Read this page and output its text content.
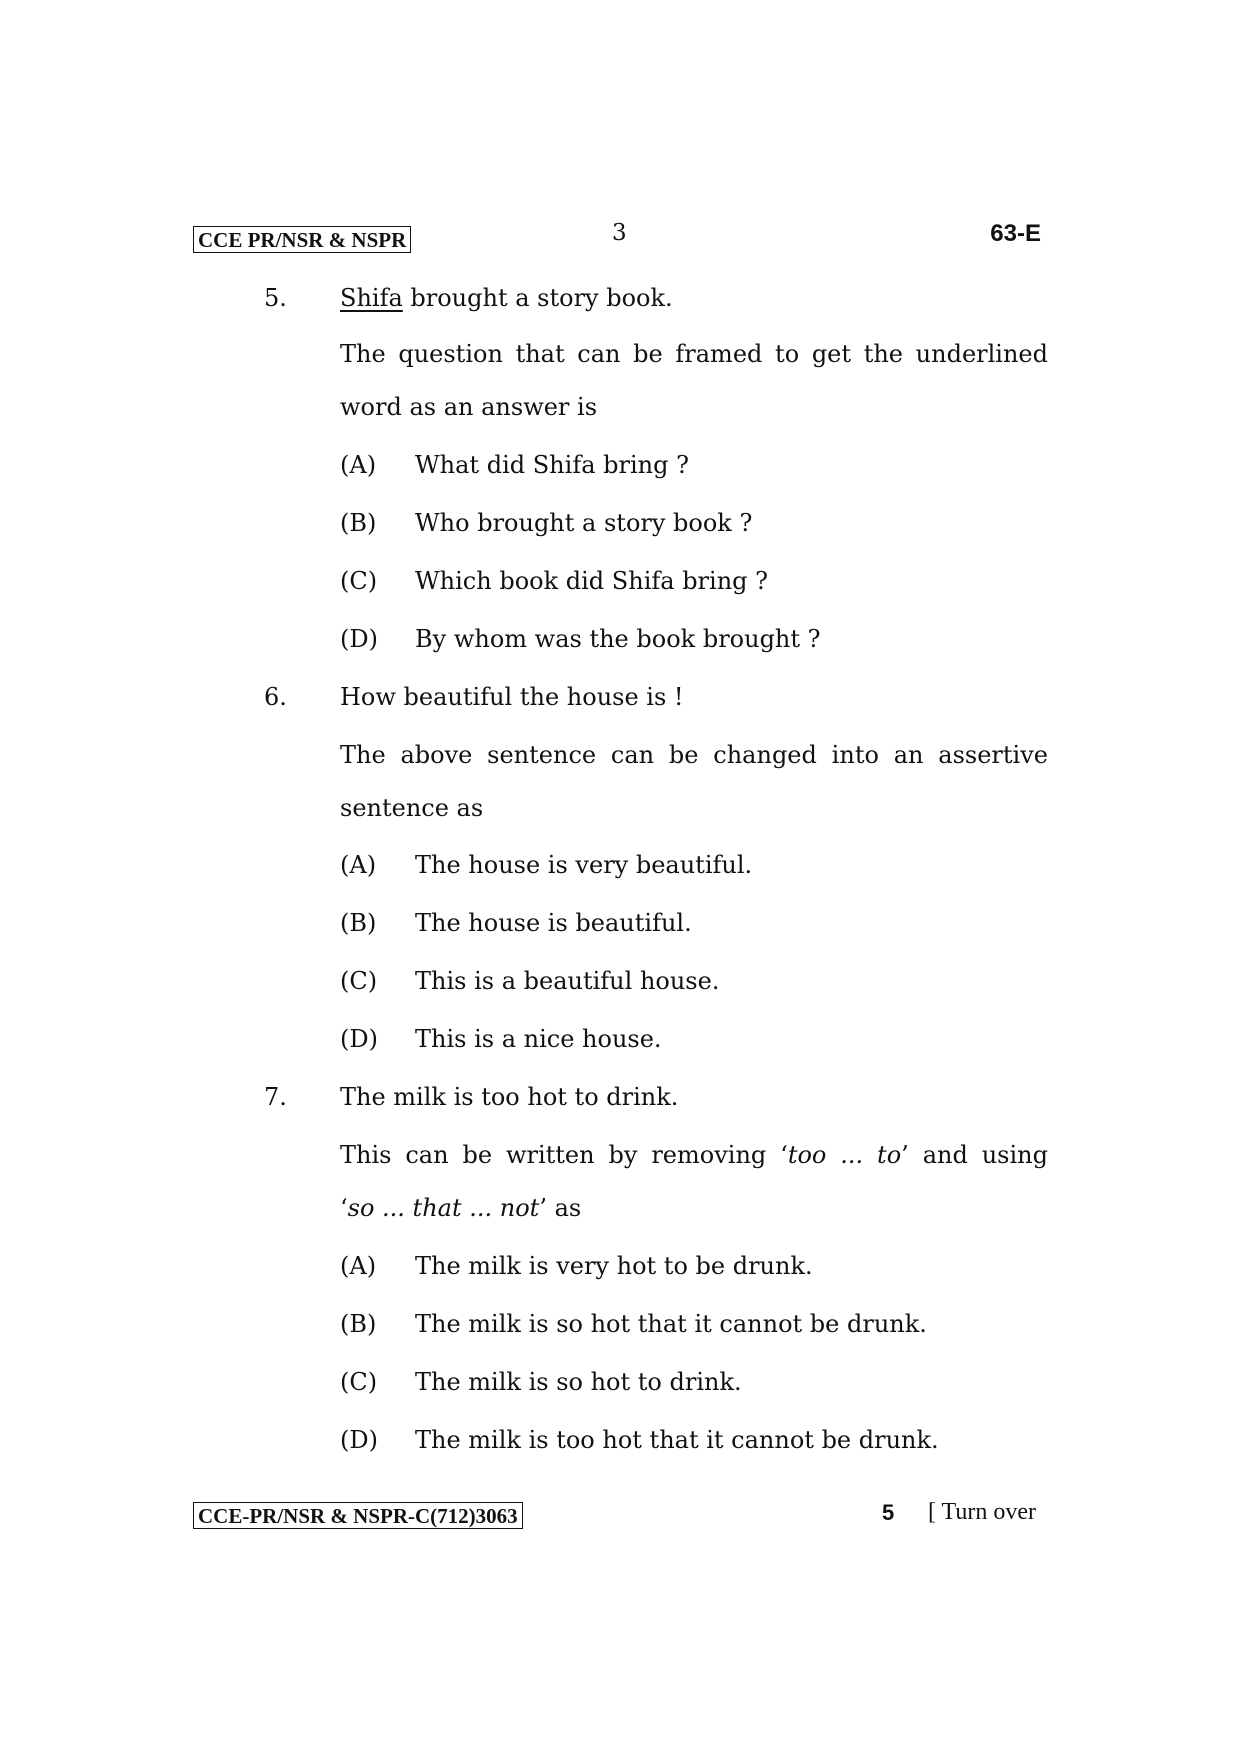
CCE PR/NSR & NSPR	3	63-E
5. Shifa brought a story book.
The question that can be framed to get the underlined
word as an answer is
(A) What did Shifa bring ?
(B) Who brought a story book ?
(C) Which book did Shifa bring ?
(D) By whom was the book brought ?
6. How beautiful the house is !
The above sentence can be changed into an assertive
sentence as
(A) The house is very beautiful.
(B) The house is beautiful.
(C) This is a beautiful house.
(D) This is a nice house.
7. The milk is too hot to drink.
This can be written by removing ‘too ... to’ and using
‘so ... that ... not’ as
(A) The milk is very hot to be drunk.
(B) The milk is so hot that it cannot be drunk.
(C) The milk is so hot to drink.
(D) The milk is too hot that it cannot be drunk.
CCE-PR/NSR & NSPR-C(712)3063	5 [ Turn over
